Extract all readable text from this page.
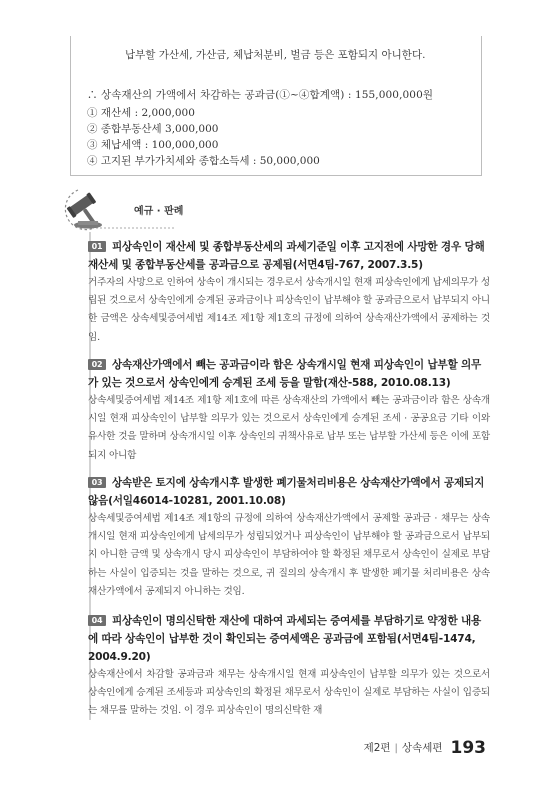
납부할 가산세, 가산금, 체납처분비, 벌금 등은 포함되지 아니한다.
∴ 상속재산의 가액에서 차감하는 공과금(①~④합계액) : 155,000,000원
① 재산세 : 2,000,000
② 종합부동산세 3,000,000
③ 체납세액 : 100,000,000
④ 고지된 부가가치세와 종합소득세 : 50,000,000
예규 · 판례

01 피상속인이 재산세 및 종합부동산세의 과세기준일 이후 고지전에 사망한 경우 당해 재산세 및 종합부동산세를 공과금으로 공제됨(서면4팀-767, 2007.3.5)

거주자의 사망으로 인하여 상속이 개시되는 경우로서 상속개시일 현재 피상속인에게 납세의무가 성립된 것으로서 상속인에게 승계된 공과금이나 피상속인이 납부해야 할 공과금으로서 납부되지 아니한 금액은 상속세및증여세법 제14조 제1항 제1호의 규정에 의하여 상속재산가액에서 공제하는 것임.

02 상속재산가액에서 빼는 공과금이라 함은 상속개시일 현재 피상속인이 납부할 의무가 있는 것으로서 상속인에게 승계된 조세 등을 말함(재산-588, 2010.08.13)

상속세및증여세법 제14조 제1항 제1호에 따른 상속재산의 가액에서 빼는 공과금이라 함은 상속개시일 현재 피상속인이 납부할 의무가 있는 것으로서 상속인에게 승계된 조세 · 공공요금 기타 이와 유사한 것을 말하며 상속개시일 이후 상속인의 귀책사유로 납부 또는 납부할 가산세 등은 이에 포함되지 아니함

03 상속받은 토지에 상속개시후 발생한 폐기물처리비용은 상속재산가액에서 공제되지 않음(서일46014-10281, 2001.10.08)

상속세및증여세법 제14조 제1항의 규정에 의하여 상속재산가액에서 공제할 공과금 · 채무는 상속개시일 현재 피상속인에게 납세의무가 성립되었거나 피상속인이 납부해야 할 공과금으로서 납부되지 아니한 금액 및 상속개시 당시 피상속인이 부담하여야 할 확정된 채무로서 상속인이 실제로 부담하는 사실이 입증되는 것을 말하는 것으로, 귀 질의의 상속개시 후 발생한 폐기물 처리비용은 상속재산가액에서 공제되지 아니하는 것임.

04 피상속인이 명의신탁한 재산에 대하여 과세되는 증여세를 부담하기로 약정한 내용에 따라 상속인이 납부한 것이 확인되는 증여세액은 공과금에 포함됨(서면4팀-1474, 2004.9.20)

상속재산에서 차감할 공과금과 채무는 상속개시일 현재 피상속인이 납부할 의무가 있는 것으로서 상속인에게 승계된 조세등과 피상속인의 확정된 채무로서 상속인이 실제로 부담하는 사실이 입증되는 채무를 말하는 것임. 이 경우 피상속인이 명의신탁한 재

제2편 | 상속세편 193
